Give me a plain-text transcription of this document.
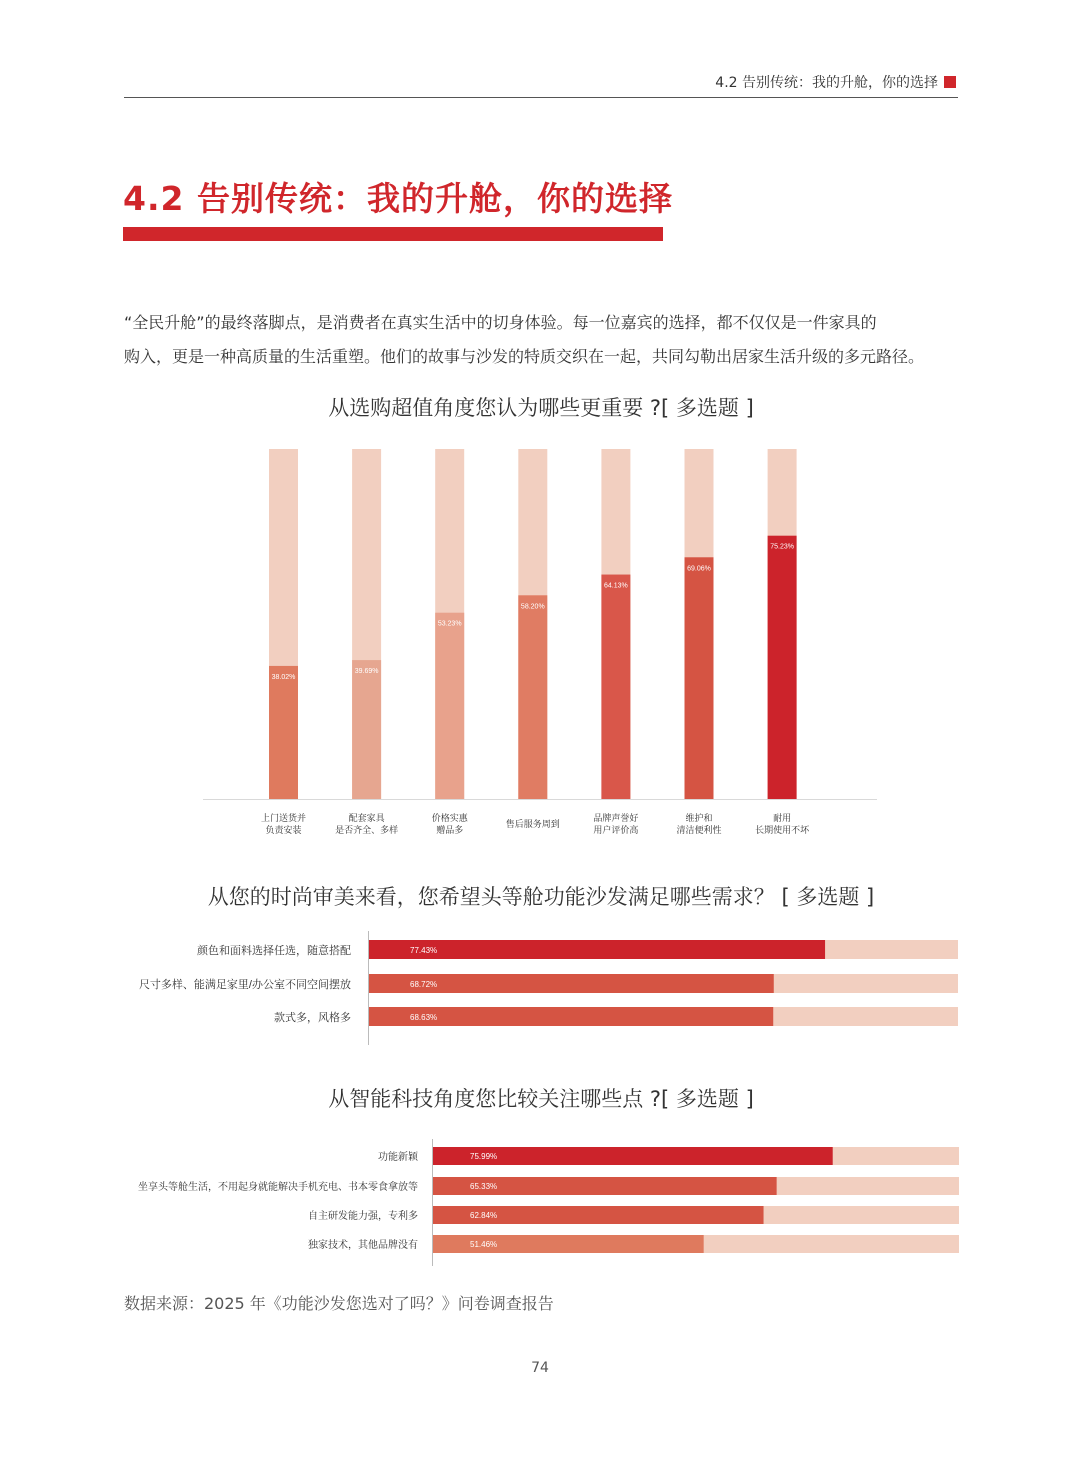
4.2 告别传统：我的升舱，你的选择
4.2 告别传统：我的升舱，你的选择

“全民升舱”的最终落脚点，是消费者在真实生活中的切身体验。每一位嘉宾的选择，都不仅仅是一件家具的

购入，更是一种高质量的生活重塑。他们的故事与沙发的特质交织在一起，共同勾勒出居家生活升级的多元路径。

从选购超值角度您认为哪些更重要 ?[ 多选题 ]
从您的时尚审美来看，您希望头等舱功能沙发满足哪些需求？ [ 多选题 ]
从智能科技角度您比较关注哪些点 ?[ 多选题 ]
38.02%
上门送货并
负责安装
39.69%
配套家具
是否齐全、多样
53.23%
价格实惠
赠品多
58.20%
售后服务周到
64.13%
品牌声誉好
用户评价高
69.06%
维护和
清洁便利性
75.23%
耐用
长期使用不坏
77.43%
颜色和面料选择任选，随意搭配
68.72%
尺寸多样、能满足家里/办公室不同空间摆放
68.63%
款式多，风格多
75.99%
功能新颖
65.33%
坐享头等舱生活，不用起身就能解决手机充电、书本零食拿放等
62.84%
自主研发能力强，专利多
51.46%
独家技术，其他品牌没有
数据来源：2025 年《功能沙发您选对了吗？》问卷调查报告
74
